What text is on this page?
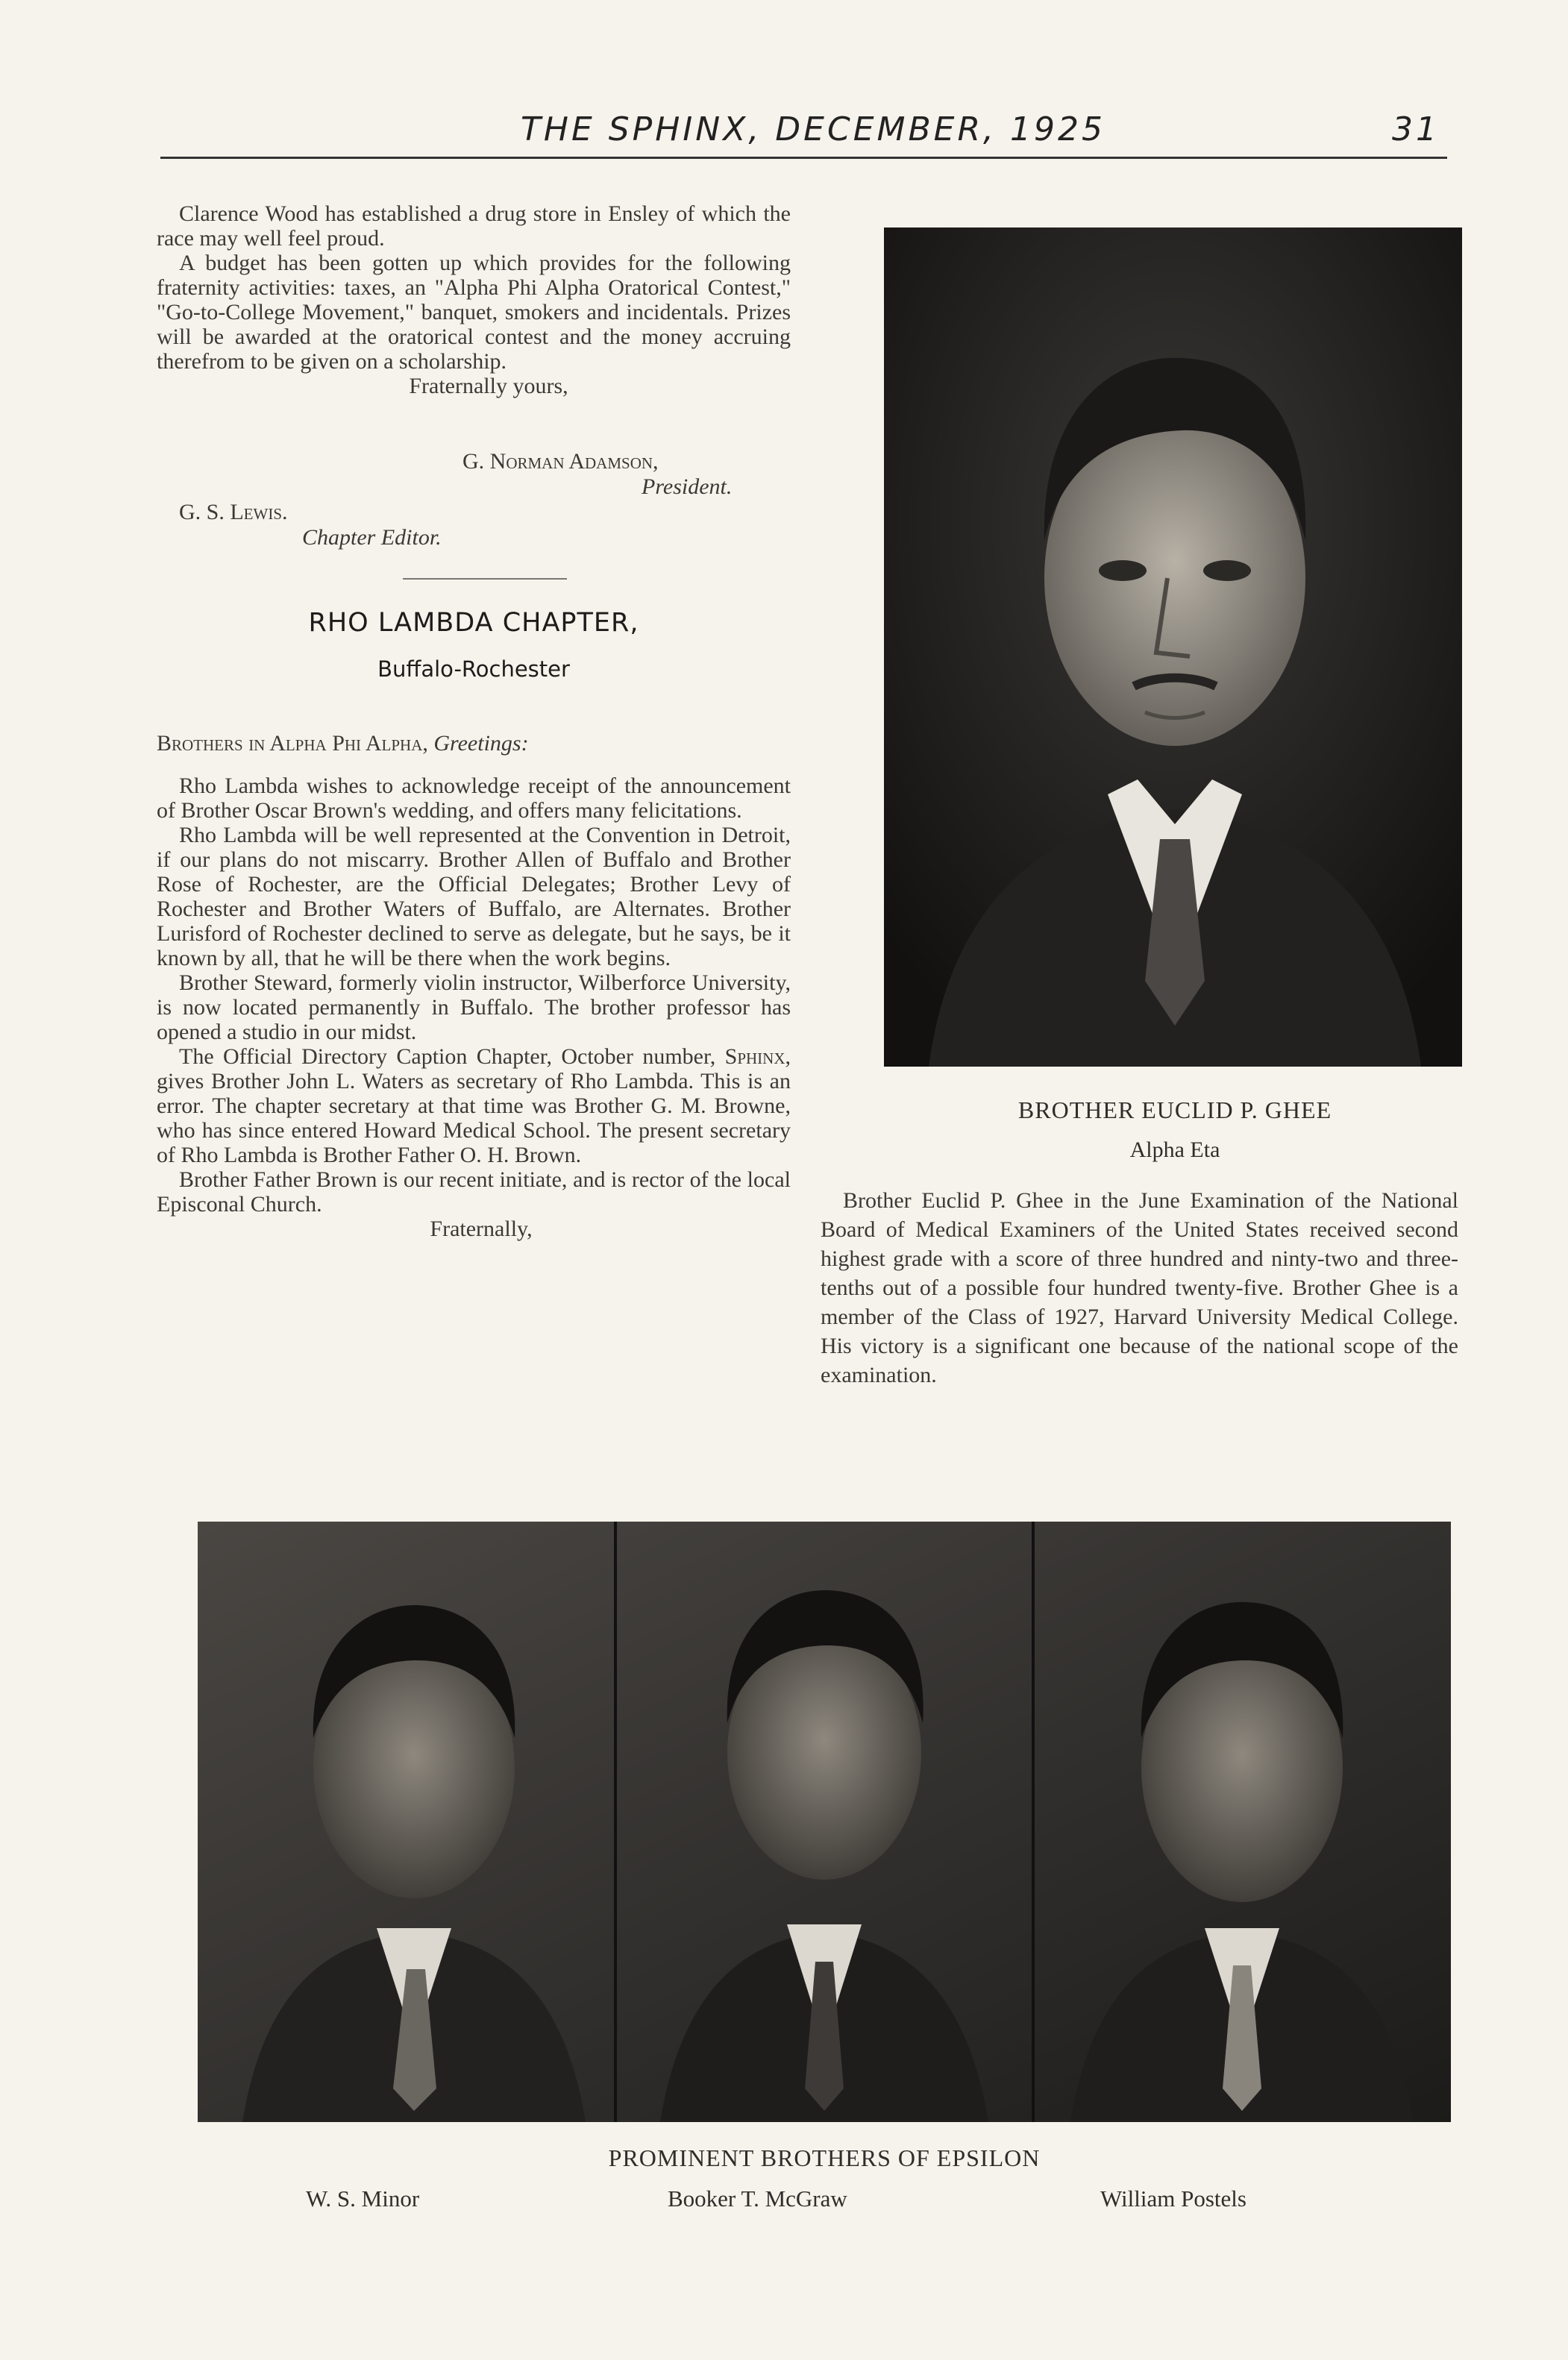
THE SPHINX, DECEMBER, 1925	31

Clarence Wood has established a drug store in Ensley of which the race may well feel proud.

A budget has been gotten up which provides for the following fraternity activities: taxes, an "Alpha Phi Alpha Oratorical Contest," "Go-to-College Movement," banquet, smokers and incidentals. Prizes will be awarded at the oratorical contest and the money accruing therefrom to be given on a scholarship.

Fraternally yours,

G. Norman Adamson,
President.
G. S. Lewis.
Chapter Editor.
RHO LAMBDA CHAPTER,
Buffalo-Rochester

Brothers in Alpha Phi Alpha, Greetings:

Rho Lambda wishes to acknowledge receipt of the announcement of Brother Oscar Brown's wedding, and offers many felicitations.

Rho Lambda will be well represented at the Convention in Detroit, if our plans do not miscarry. Brother Allen of Buffalo and Brother Rose of Rochester, are the Official Delegates; Brother Levy of Rochester and Brother Waters of Buffalo, are Alternates. Brother Lurisford of Rochester declined to serve as delegate, but he says, be it known by all, that he will be there when the work begins.

Brother Steward, formerly violin instructor, Wilberforce University, is now located permanently in Buffalo. The brother professor has opened a studio in our midst.

The Official Directory Caption Chapter, October number, Sphinx, gives Brother John L. Waters as secretary of Rho Lambda. This is an error. The chapter secretary at that time was Brother G. M. Browne, who has since entered Howard Medical School. The present secretary of Rho Lambda is Brother Father O. H. Brown.

Brother Father Brown is our recent initiate, and is rector of the local Episconal Church.

Fraternally,

BROTHER EUCLID P. GHEE
Alpha Eta

Brother Euclid P. Ghee in the June Examination of the National Board of Medical Examiners of the United States received second highest grade with a score of three hundred and ninty-two and three-tenths out of a possible four hundred twenty-five. Brother Ghee is a member of the Class of 1927, Harvard University Medical College. His victory is a significant one because of the national scope of the examination.

PROMINENT BROTHERS OF EPSILON
W. S. Minor	Booker T. McGraw	William Postels
